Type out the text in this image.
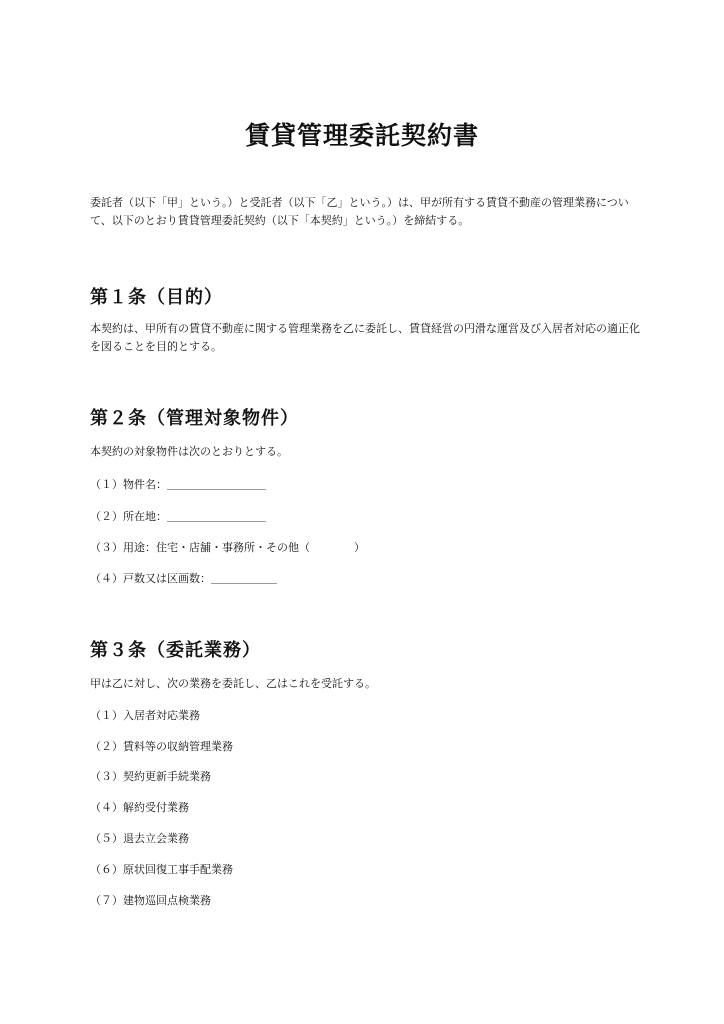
賃貸管理委託契約書

委託者（以下「甲」という。）と受託者（以下「乙」という。）は、甲が所有する賃貸不動産の管理業務について、以下のとおり賃貸管理委託契約（以下「本契約」という。）を締結する。

第１条（目的）

本契約は、甲所有の賃貸不動産に関する管理業務を乙に委託し、賃貸経営の円滑な運営及び入居者対応の適正化を図ることを目的とする。

第２条（管理対象物件）

本契約の対象物件は次のとおりとする。

（１）物件名：＿＿＿＿＿＿＿＿＿

（２）所在地：＿＿＿＿＿＿＿＿＿

（３）用途：住宅・店舗・事務所・その他（　　　　）

（４）戸数又は区画数：＿＿＿＿＿＿

第３条（委託業務）

甲は乙に対し、次の業務を委託し、乙はこれを受託する。

（１）入居者対応業務

（２）賃料等の収納管理業務

（３）契約更新手続業務

（４）解約受付業務

（５）退去立会業務

（６）原状回復工事手配業務

（７）建物巡回点検業務
